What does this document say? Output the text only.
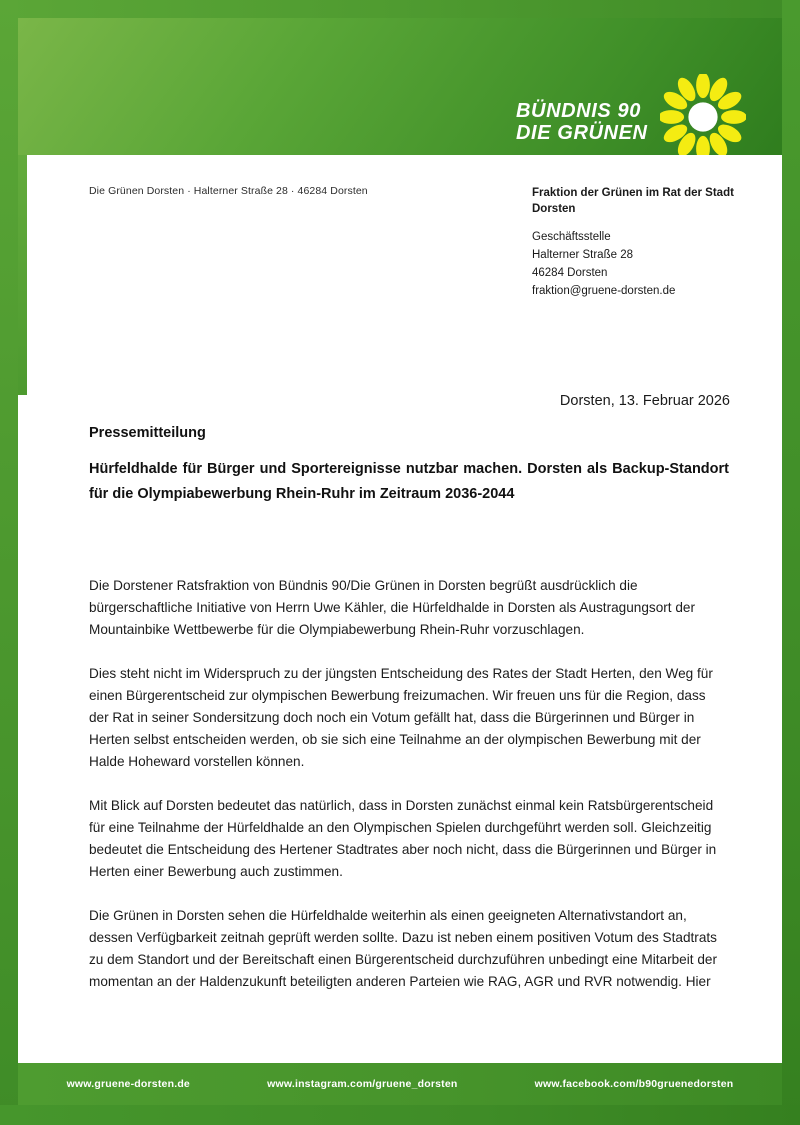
BÜNDNIS 90
DIE GRÜNEN
Die Grünen Dorsten · Halterner Straße 28 · 46284 Dorsten	Fraktion der Grünen im Rat der Stadt Dorsten
Geschäftsstelle
Halterner Straße 28
46284 Dorsten
fraktion@gruene-dorsten.de
Dorsten, 13. Februar 2026
Pressemitteilung
Hürfeldhalde für Bürger und Sportereignisse nutzbar machen. Dorsten als Backup-Standort für die Olympiabewerbung Rhein-Ruhr im Zeitraum 2036-2044

Die Dorstener Ratsfraktion von Bündnis 90/Die Grünen in Dorsten begrüßt ausdrücklich die bürgerschaftliche Initiative von Herrn Uwe Kähler, die Hürfeldhalde in Dorsten als Austragungsort der Mountainbike Wettbewerbe für die Olympiabewerbung Rhein-Ruhr vorzuschlagen.

Dies steht nicht im Widerspruch zu der jüngsten Entscheidung des Rates der Stadt Herten, den Weg für einen Bürgerentscheid zur olympischen Bewerbung freizumachen. Wir freuen uns für die Region, dass der Rat in seiner Sondersitzung doch noch ein Votum gefällt hat, dass die Bürgerinnen und Bürger in Herten selbst entscheiden werden, ob sie sich eine Teilnahme an der olympischen Bewerbung mit der Halde Hoheward vorstellen können.

Mit Blick auf Dorsten bedeutet das natürlich, dass in Dorsten zunächst einmal kein Ratsbürgerentscheid für eine Teilnahme der Hürfeldhalde an den Olympischen Spielen durchgeführt werden soll. Gleichzeitig bedeutet die Entscheidung des Hertener Stadtrates aber noch nicht, dass die Bürgerinnen und Bürger in Herten einer Bewerbung auch zustimmen.

Die Grünen in Dorsten sehen die Hürfeldhalde weiterhin als einen geeigneten Alternativstandort an, dessen Verfügbarkeit zeitnah geprüft werden sollte. Dazu ist neben einem positiven Votum des Stadtrats zu dem Standort und der Bereitschaft einen Bürgerentscheid durchzuführen unbedingt eine Mitarbeit der momentan an der Haldenzukunft beteiligten anderen Parteien wie RAG, AGR und RVR notwendig. Hier

www.gruene-dorsten.de	www.instagram.com/gruene_dorsten	www.facebook.com/b90gruenedorsten
